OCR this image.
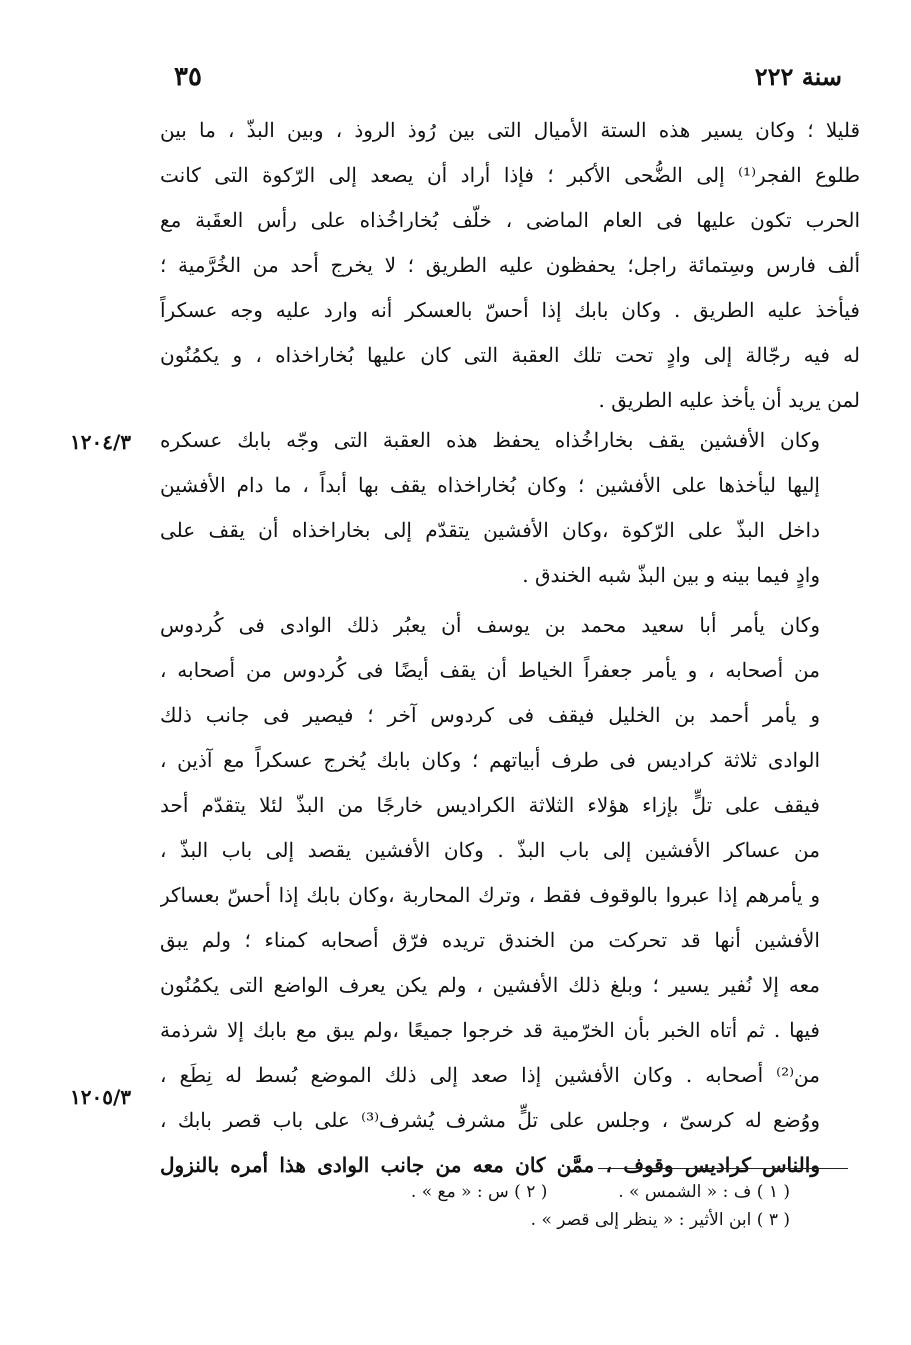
سنة ٢٢٢
٣٥
قليلا ؛ وكان يسير هذه الستة الأميال التى بين رُوذ الروذ ، وبين البذّ ، ما بين
طلوع الفجر⁽¹⁾ إلى الضُّحى الأكبر ؛ فإذا أراد أن يصعد إلى الرّكوة التى كانت
الحرب تكون عليها فى العام الماضى ، خلّف بُخاراخُذاه على رأس العقَبة مع
ألف فارس وسِتمائة راجل؛ يحفظون عليه الطريق ؛ لا يخرج أحد من الخُرَّمية ؛
فيأخذ عليه الطريق . وكان بابك إذا أحسّ بالعسكر أنه وارد عليه وجه عسكراً
له فيه رجّالة إلى وادٍ تحت تلك العقبة التى كان عليها بُخاراخذاه ، و يكمُنُون
لمن يريد أن يأخذ عليه الطريق .
وكان الأفشين يقف بخاراخُذاه يحفظ هذه العقبة التى وجّه بابك عسكره
إليها ليأخذها على الأفشين ؛ وكان بُخاراخذاه يقف بها أبداً ، ما دام الأفشين
داخل البذّ على الرّكوة ،وكان الأفشين يتقدّم إلى بخاراخذاه أن يقف على
وادٍ فيما بينه و بين البذّ شبه الخندق .
١٢٠٤/٣
وكان يأمر أبا سعيد محمد بن يوسف أن يعبُر ذلك الوادى فى كُردوس
من أصحابه ، و يأمر جعفراً الخياط أن يقف أيضًا فى كُردوس من أصحابه ،
و يأمر أحمد بن الخليل فيقف فى كردوس آخر ؛ فيصير فى جانب ذلك
الوادى ثلاثة كراديس فى طرف أبياتهم ؛ وكان بابك يُخرج عسكراً مع آذين ،
فيقف على تلٍّ بإزاء هؤلاء الثلاثة الكراديس خارجًا من البذّ لئلا يتقدّم أحد
من عساكر الأفشين إلى باب البذّ . وكان الأفشين يقصد إلى باب البذّ ،
و يأمرهم إذا عبروا بالوقوف فقط ، وترك المحاربة ،وكان بابك إذا أحسّ بعساكر
الأفشين أنها قد تحركت من الخندق تريده فرّق أصحابه كمناء ؛ ولم يبق
معه إلا نُفير يسير ؛ وبلغ ذلك الأفشين ، ولم يكن يعرف الواضع التى يكمُنُون
فيها . ثم أتاه الخبر بأن الخرّمية قد خرجوا جميعًا ،ولم يبق مع بابك إلا شرذمة
من⁽²⁾ أصحابه . وكان الأفشين إذا صعد إلى ذلك الموضع بُسط له نِطَع ،
ووُضع له كرسىّ ، وجلس على تلٍّ مشرف يُشرف⁽³⁾ على باب قصر بابك ،
والناس كراديس وقوف ، ممَّن كان معه من جانب الوادى هذا أمره بالنزول
١٢٠٥/٣
( ١ ) ف : « الشمس » .  ( ٢ ) س : « مع » .
( ٣ ) ابن الأثير : « ينظر إلى قصر » .
